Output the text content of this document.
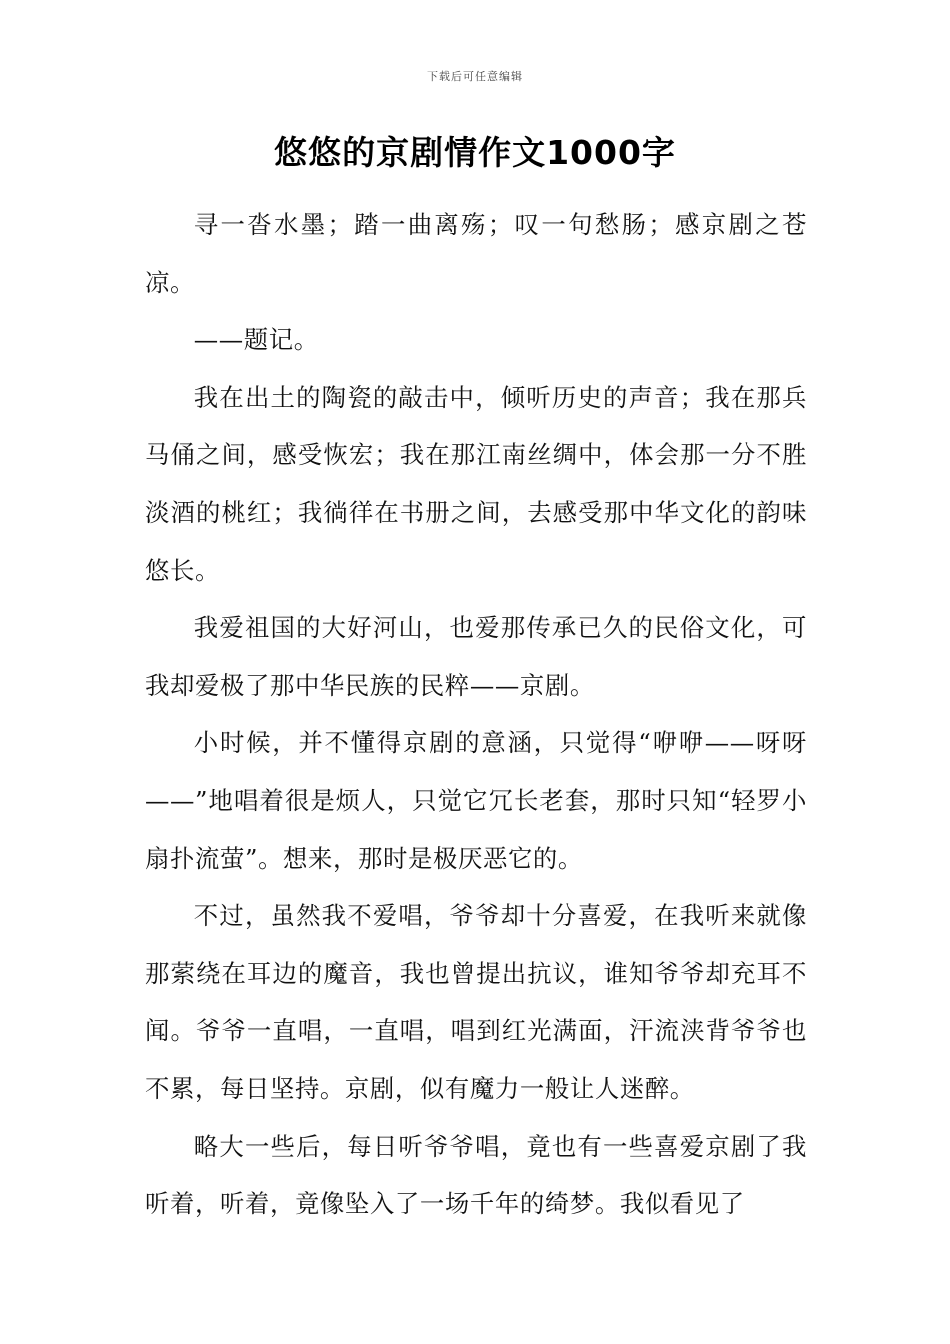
下载后可任意编辑
悠悠的京剧情作文1000字

寻一沓水墨；踏一曲离殇；叹一句愁肠；感京剧之苍凉。

——题记。

我在出土的陶瓷的敲击中，倾听历史的声音；我在那兵马俑之间，感受恢宏；我在那江南丝绸中，体会那一分不胜淡酒的桃红；我徜徉在书册之间，去感受那中华文化的韵味悠长。

我爱祖国的大好河山，也爱那传承已久的民俗文化，可我却爱极了那中华民族的民粹——京剧。

小时候，并不懂得京剧的意涵，只觉得“咿咿——呀呀——”地唱着很是烦人，只觉它冗长老套，那时只知“轻罗小扇扑流萤”。想来，那时是极厌恶它的。

不过，虽然我不爱唱，爷爷却十分喜爱，在我听来就像那萦绕在耳边的魔音，我也曾提出抗议，谁知爷爷却充耳不闻。爷爷一直唱，一直唱，唱到红光满面，汗流浃背爷爷也不累，每日坚持。京剧，似有魔力一般让人迷醉。

略大一些后，每日听爷爷唱，竟也有一些喜爱京剧了我听着，听着，竟像坠入了一场千年的绮梦。我似看见了
